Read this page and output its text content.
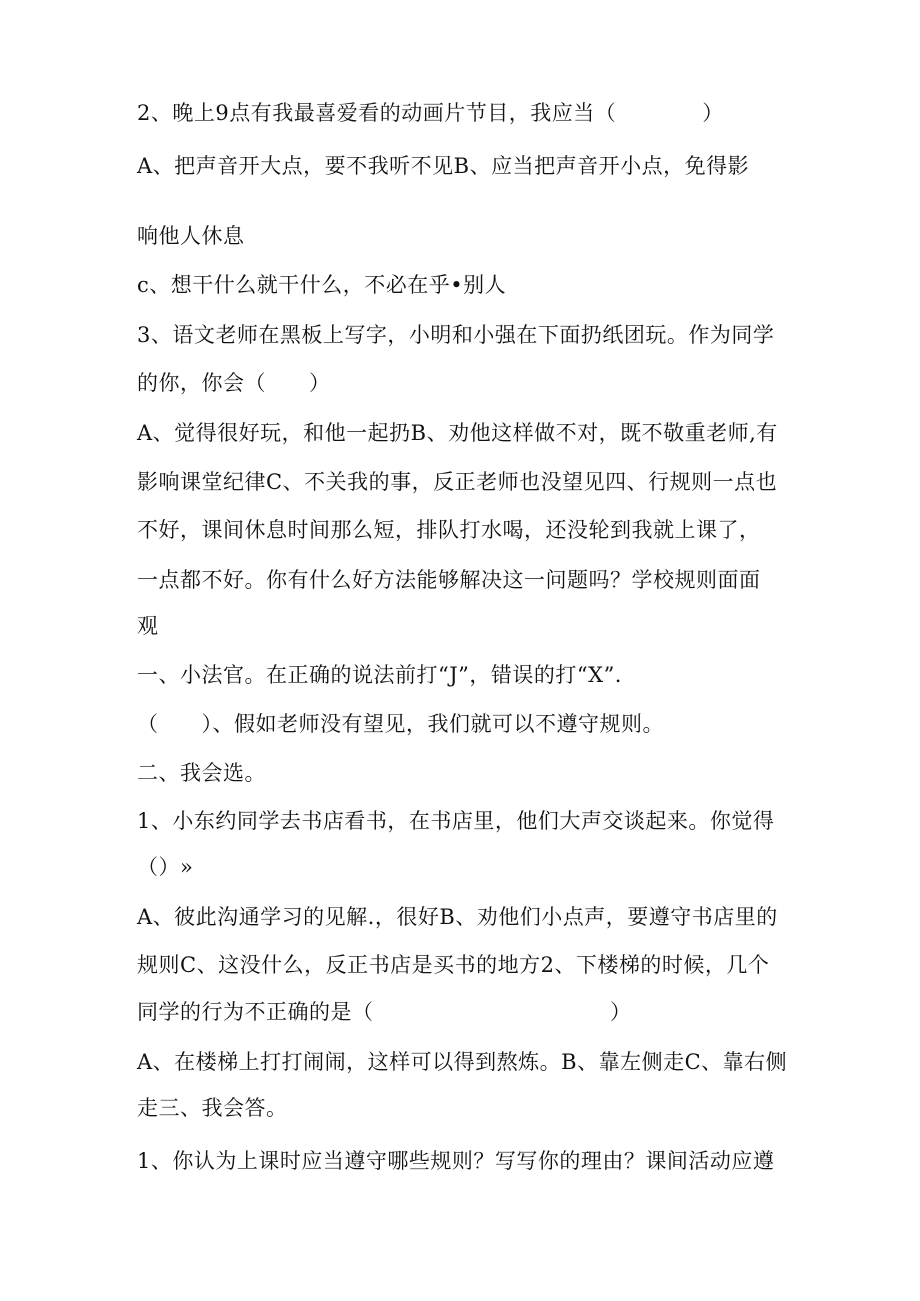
2、晚上9点有我最喜爱看的动画片节目，我应当（　　　　）
A、把声音开大点，要不我听不见B、应当把声音开小点，免得影
响他人休息
c、想干什么就干什么，不必在乎•别人
3、语文老师在黑板上写字，小明和小强在下面扔纸团玩。作为同学
的你，你会（　　）
A、觉得很好玩，和他一起扔B、劝他这样做不对，既不敬重老师,有
影响课堂纪律C、不关我的事，反正老师也没望见四、行规则一点也
不好，课间休息时间那么短，排队打水喝，还没轮到我就上课了，
一点都不好。你有什么好方法能够解决这一问题吗？学校规则面面
观
一、小法官。在正确的说法前打“J”，错误的打“X”.
（　　）、假如老师没有望见，我们就可以不遵守规则。
二、我会选。
1、小东约同学去书店看书，在书店里，他们大声交谈起来。你觉得
（）»
A、彼此沟通学习的见解.，很好B、劝他们小点声，要遵守书店里的
规则C、这没什么，反正书店是买书的地方2、下楼梯的时候，几个
同学的行为不正确的是（　　　　　　　　　　　）
A、在楼梯上打打闹闹，这样可以得到熬炼。B、靠左侧走C、靠右侧
走三、我会答。
1、你认为上课时应当遵守哪些规则？写写你的理由？课间活动应遵
